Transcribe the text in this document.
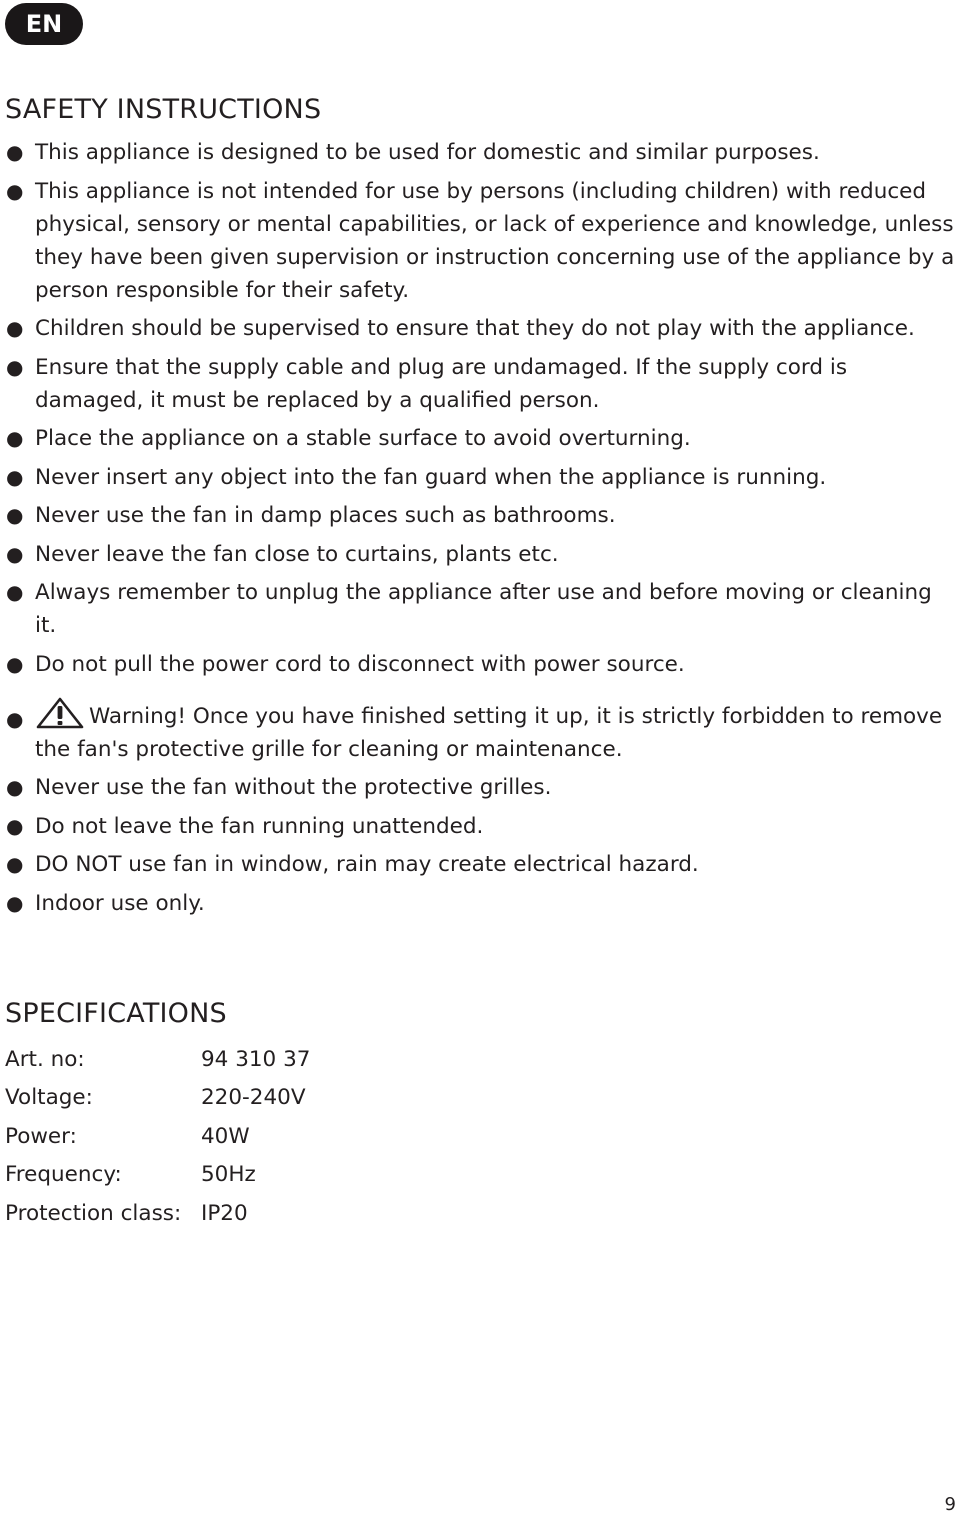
EN
SAFETY INSTRUCTIONS
● This appliance is designed to be used for domestic and similar purposes.
● This appliance is not intended for use by persons (including children) with reduced physical, sensory or mental capabilities, or lack of experience and knowledge, unless they have been given supervision or instruction concerning use of the appliance by a person responsible for their safety.
● Children should be supervised to ensure that they do not play with the appliance.
● Ensure that the supply cable and plug are undamaged. If the supply cord is damaged, it must be replaced by a qualified person.
● Place the appliance on a stable surface to avoid overturning.
● Never insert any object into the fan guard when the appliance is running.
● Never use the fan in damp places such as bathrooms.
● Never leave the fan close to curtains, plants etc.
● Always remember to unplug the appliance after use and before moving or cleaning it.
● Do not pull the power cord to disconnect with power source.
●	Warning! Once you have finished setting it up, it is strictly forbidden to remove the fan's protective grille for cleaning or maintenance.
● Never use the fan without the protective grilles.
● Do not leave the fan running unattended.
● DO NOT use fan in window, rain may create electrical hazard.
● Indoor use only.
SPECIFICATIONS
Art. no:	94 310 37
Voltage:	220-240V
Power:	40W
Frequency:	50Hz
Protection class:	IP20
9
